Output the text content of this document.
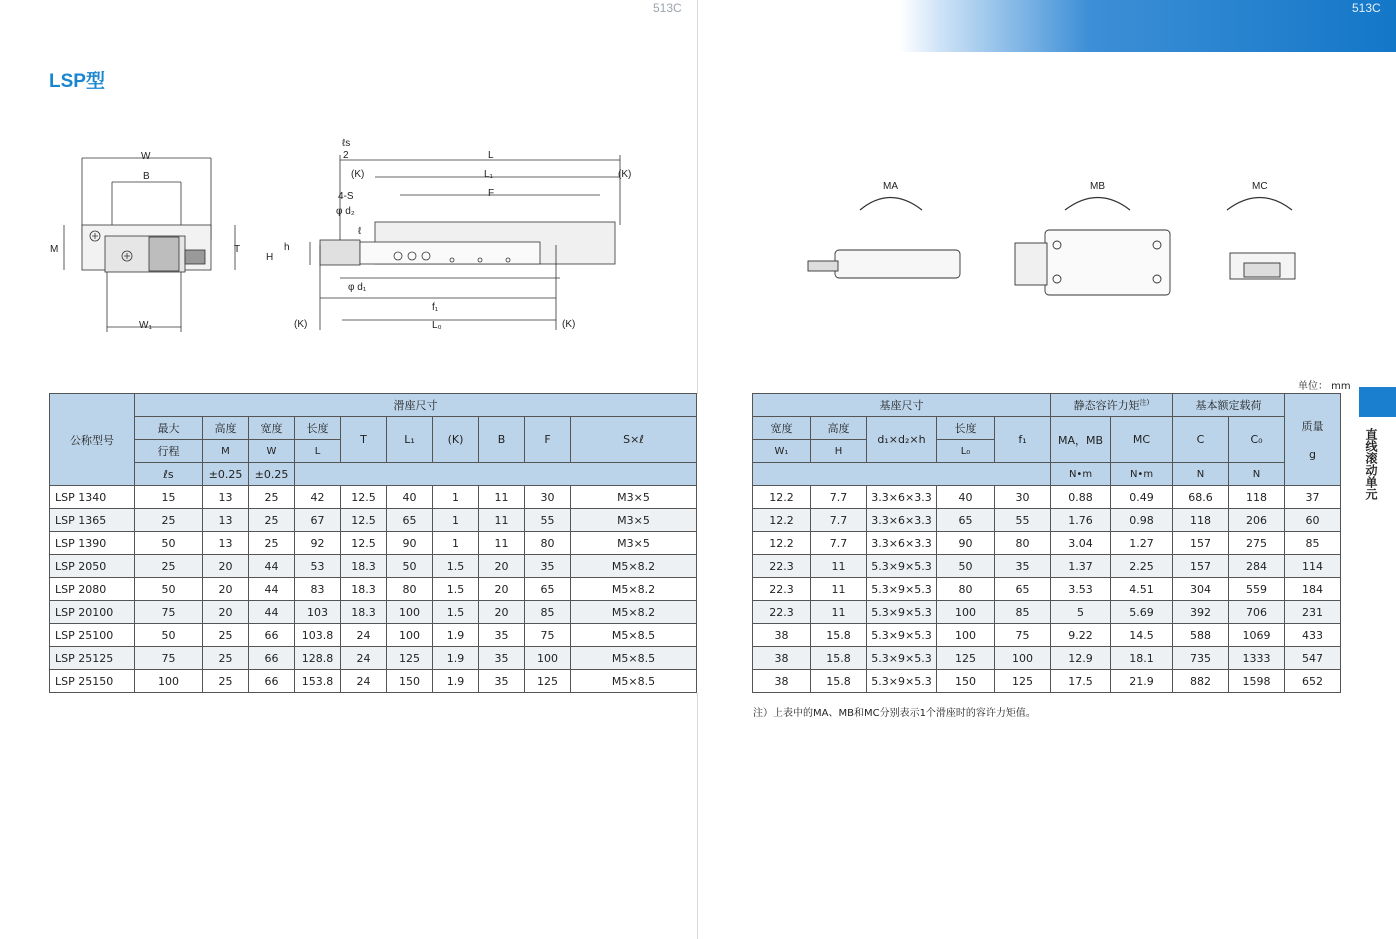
513C	513C
LSP型
直线滚动单元
W
B
M	T
W₁
ℓs
2	L
(K)	(K)
L₁
F
4-S
φ d₂
ℓ
h
H
φ d₁
f₁
(K)	L₀	(K)
MA	MB	MC
单位： mm
公称型号	滑座尺寸											基座尺寸					静态容许力矩$^{注)}$		基本额定载荷		质量
g

	最大	高度	宽度	长度	T	L₁	(K)	B	F	S×ℓ		宽度	高度	d₁×d₂×h	长度	f₁	MA，MB	MC	C	C₀	
	行程	M	W	L								W₁	H		L₀						
	ℓs	±0.25	±0.25														N•m	N•m	N	N	
LSP 1340	15	13	25	42	12.5	40	1	11	30	M3×5		12.2	7.7	3.3×6×3.3	40	30	0.88	0.49	68.6	118	37
LSP 1365	25	13	25	67	12.5	65	1	11	55	M3×5		12.2	7.7	3.3×6×3.3	65	55	1.76	0.98	118	206	60
LSP 1390	50	13	25	92	12.5	90	1	11	80	M3×5		12.2	7.7	3.3×6×3.3	90	80	3.04	1.27	157	275	85
LSP 2050	25	20	44	53	18.3	50	1.5	20	35	M5×8.2		22.3	11	5.3×9×5.3	50	35	1.37	2.25	157	284	114
LSP 2080	50	20	44	83	18.3	80	1.5	20	65	M5×8.2		22.3	11	5.3×9×5.3	80	65	3.53	4.51	304	559	184
LSP 20100	75	20	44	103	18.3	100	1.5	20	85	M5×8.2		22.3	11	5.3×9×5.3	100	85	5	5.69	392	706	231
LSP 25100	50	25	66	103.8	24	100	1.9	35	75	M5×8.5		38	15.8	5.3×9×5.3	100	75	9.22	14.5	588	1069	433
LSP 25125	75	25	66	128.8	24	125	1.9	35	100	M5×8.5		38	15.8	5.3×9×5.3	125	100	12.9	18.1	735	1333	547
LSP 25150	100	25	66	153.8	24	150	1.9	35	125	M5×8.5		38	15.8	5.3×9×5.3	150	125	17.5	21.9	882	1598	652
注）上表中的MA、MB和MC分别表示1个滑座时的容许力矩值。
